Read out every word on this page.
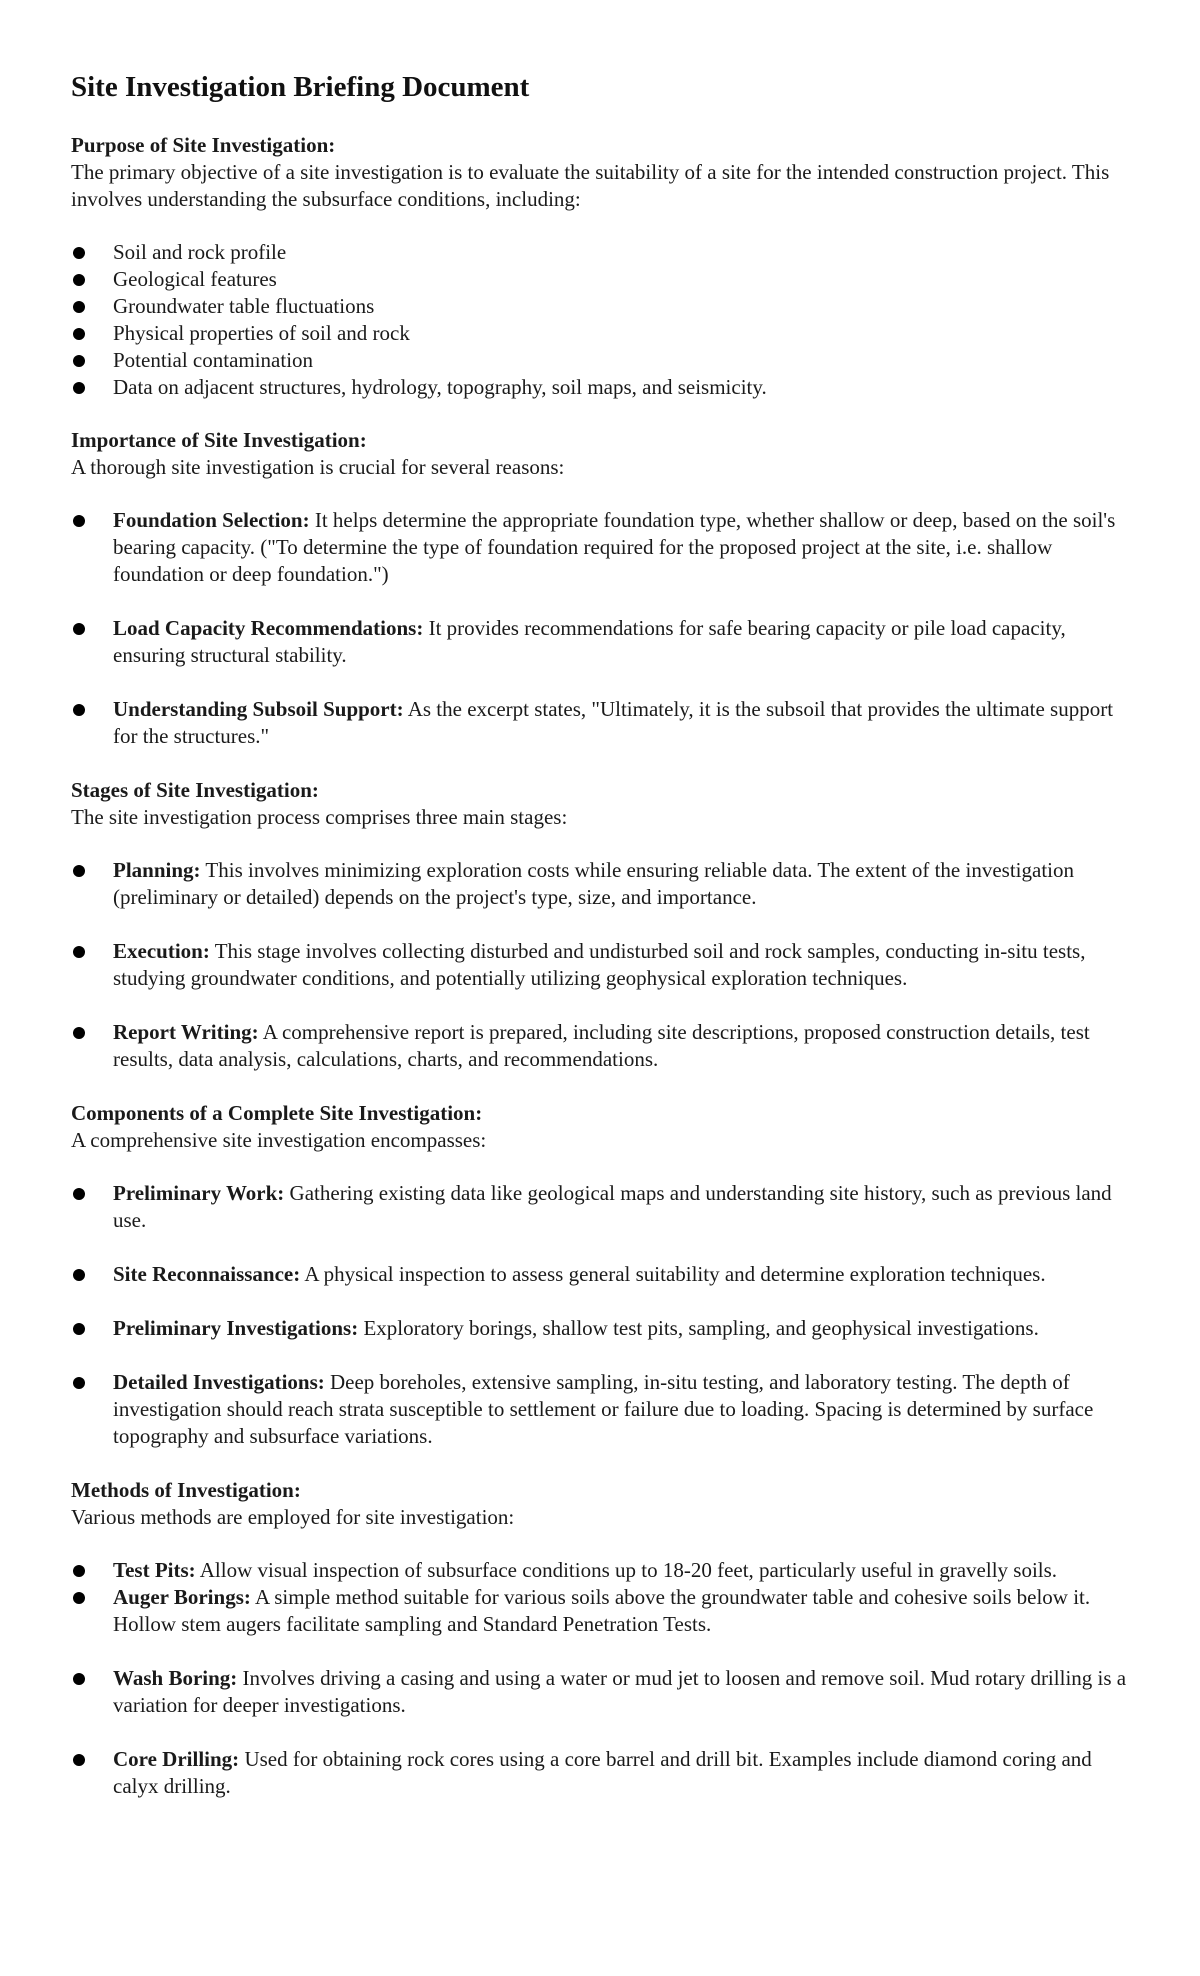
Site Investigation Briefing Document

Purpose of Site Investigation:

The primary objective of a site investigation is to evaluate the suitability of a site for the intended construction project. This involves understanding the subsurface conditions, including:

Soil and rock profile
Geological features
Groundwater table fluctuations
Physical properties of soil and rock
Potential contamination
Data on adjacent structures, hydrology, topography, soil maps, and seismicity.

Importance of Site Investigation:

A thorough site investigation is crucial for several reasons:

Foundation Selection: It helps determine the appropriate foundation type, whether shallow or deep, based on the soil's bearing capacity. ("To determine the type of foundation required for the proposed project at the site, i.e. shallow foundation or deep foundation.")
Load Capacity Recommendations: It provides recommendations for safe bearing capacity or pile load capacity, ensuring structural stability.
Understanding Subsoil Support: As the excerpt states, "Ultimately, it is the subsoil that provides the ultimate support for the structures."

Stages of Site Investigation:

The site investigation process comprises three main stages:

Planning: This involves minimizing exploration costs while ensuring reliable data. The extent of the investigation (preliminary or detailed) depends on the project's type, size, and importance.
Execution: This stage involves collecting disturbed and undisturbed soil and rock samples, conducting in-situ tests, studying groundwater conditions, and potentially utilizing geophysical exploration techniques.
Report Writing: A comprehensive report is prepared, including site descriptions, proposed construction details, test results, data analysis, calculations, charts, and recommendations.

Components of a Complete Site Investigation:

A comprehensive site investigation encompasses:

Preliminary Work: Gathering existing data like geological maps and understanding site history, such as previous land use.
Site Reconnaissance: A physical inspection to assess general suitability and determine exploration techniques.
Preliminary Investigations: Exploratory borings, shallow test pits, sampling, and geophysical investigations.
Detailed Investigations: Deep boreholes, extensive sampling, in-situ testing, and laboratory testing. The depth of investigation should reach strata susceptible to settlement or failure due to loading. Spacing is determined by surface topography and subsurface variations.

Methods of Investigation:

Various methods are employed for site investigation:

Test Pits: Allow visual inspection of subsurface conditions up to 18-20 feet, particularly useful in gravelly soils.
Auger Borings: A simple method suitable for various soils above the groundwater table and cohesive soils below it. Hollow stem augers facilitate sampling and Standard Penetration Tests.
Wash Boring: Involves driving a casing and using a water or mud jet to loosen and remove soil. Mud rotary drilling is a variation for deeper investigations.
Core Drilling: Used for obtaining rock cores using a core barrel and drill bit. Examples include diamond coring and calyx drilling.
